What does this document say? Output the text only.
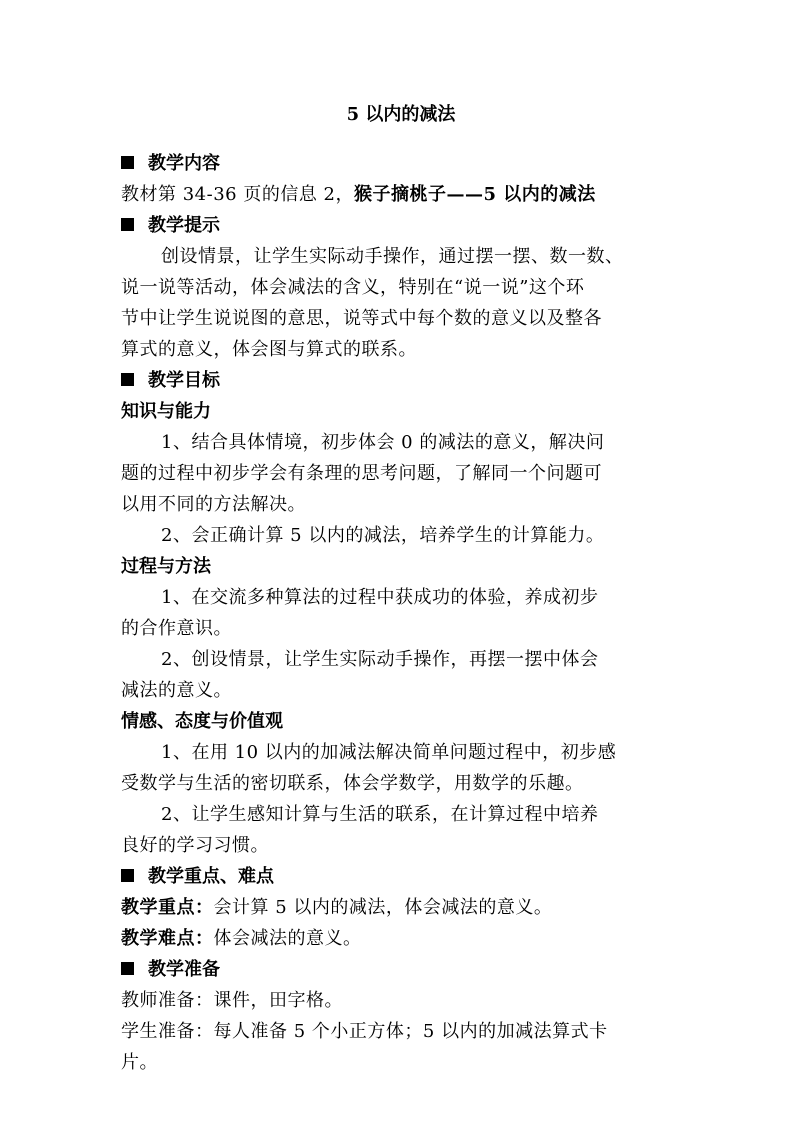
5 以内的减法
教学内容
教材第 34-36 页的信息 2，猴子摘桃子——5 以内的减法
教学提示
创设情景，让学生实际动手操作，通过摆一摆、数一数、
说一说等活动，体会减法的含义，特别在“说一说”这个环
节中让学生说说图的意思，说等式中每个数的意义以及整各
算式的意义，体会图与算式的联系。
教学目标
知识与能力
1、结合具体情境，初步体会 0 的减法的意义，解决问
题的过程中初步学会有条理的思考问题，了解同一个问题可
以用不同的方法解决。
2、会正确计算 5 以内的减法，培养学生的计算能力。
过程与方法
1、在交流多种算法的过程中获成功的体验，养成初步
的合作意识。
2、创设情景，让学生实际动手操作，再摆一摆中体会
减法的意义。
情感、态度与价值观
1、在用 10 以内的加减法解决简单问题过程中，初步感
受数学与生活的密切联系，体会学数学，用数学的乐趣。
2、让学生感知计算与生活的联系，在计算过程中培养
良好的学习习惯。
教学重点、难点
教学重点：会计算 5 以内的减法，体会减法的意义。
教学难点：体会减法的意义。
教学准备
教师准备：课件，田字格。
学生准备：每人准备 5 个小正方体；5 以内的加减法算式卡
片。
